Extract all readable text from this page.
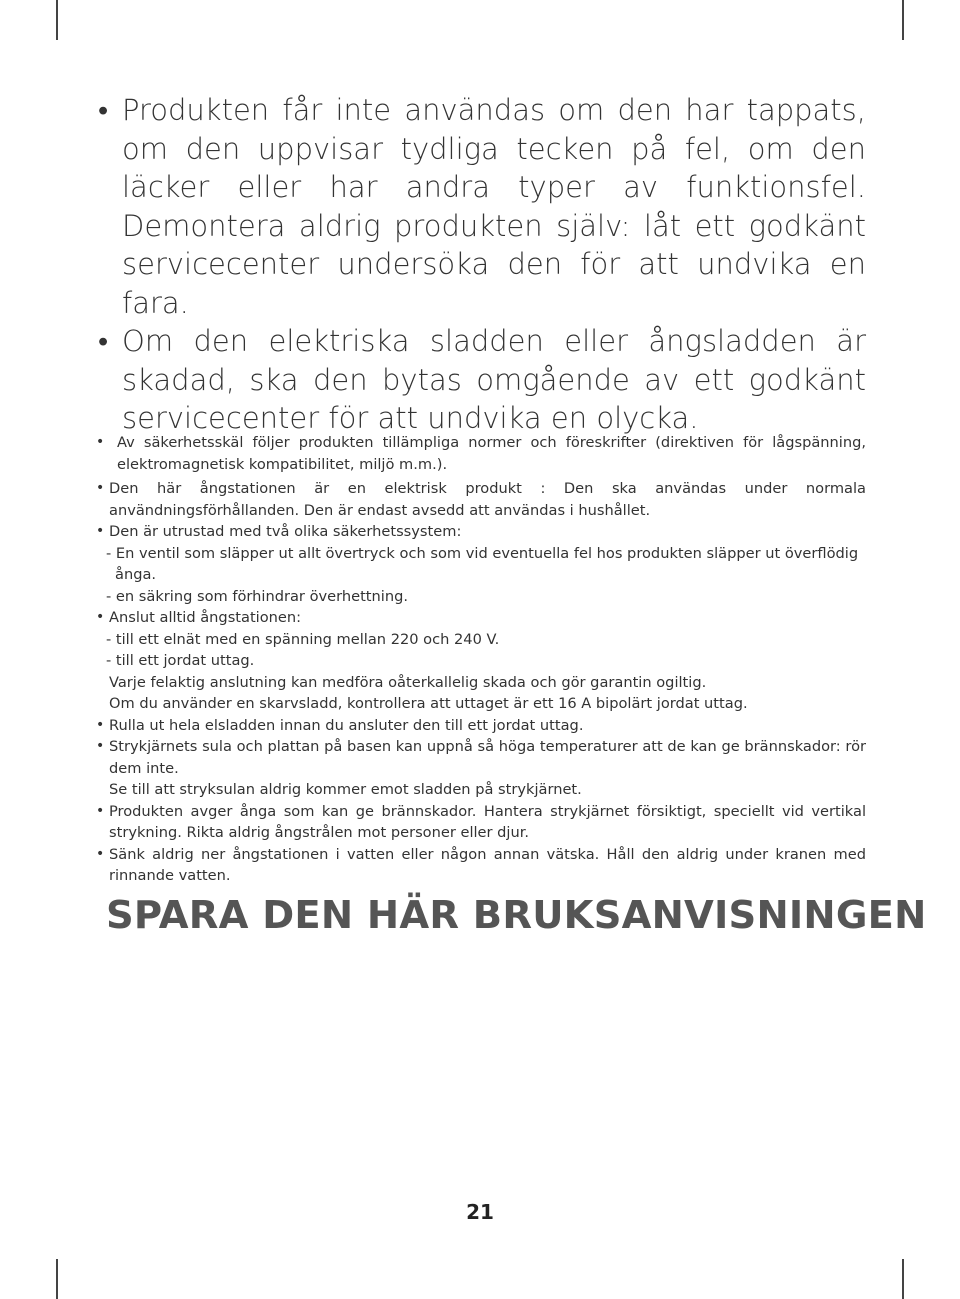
• Produkten får inte användas om den har tappats, om den uppvisar tydliga tecken på fel, om den läcker eller har andra typer av funktionsfel. Demontera aldrig produkten själv: låt ett godkänt servicecenter undersöka den för att undvika en fara.
• Om den elektriska sladden eller ångsladden är skadad, ska den bytas omgående av ett godkänt servicecenter för att undvika en olycka.
• Av säkerhetsskäl följer produkten tillämpliga normer och föreskrifter (direktiven för lågspänning, elektromagnetisk kompatibilitet, miljö m.m.).
• Den här ångstationen är en elektrisk produkt : Den ska användas under normala användningsförhållanden. Den är endast avsedd att användas i hushållet.
• Den är utrustad med två olika säkerhetssystem:
- En ventil som släpper ut allt övertryck och som vid eventuella fel hos produkten släpper ut överflödig
ånga.
- en säkring som förhindrar överhettning.
• Anslut alltid ångstationen:
- till ett elnät med en spänning mellan 220 och 240 V.
- till ett jordat uttag.
Varje felaktig anslutning kan medföra oåterkallelig skada och gör garantin ogiltig.
Om du använder en skarvsladd, kontrollera att uttaget är ett 16 A bipolärt jordat uttag.
• Rulla ut hela elsladden innan du ansluter den till ett jordat uttag.
• Strykjärnets sula och plattan på basen kan uppnå så höga temperaturer att de kan ge brännskador: rör dem inte.
Se till att stryksulan aldrig kommer emot sladden på strykjärnet.
• Produkten avger ånga som kan ge brännskador. Hantera strykjärnet försiktigt, speciellt vid vertikal strykning. Rikta aldrig ångstrålen mot personer eller djur.
• Sänk aldrig ner ångstationen i vatten eller någon annan vätska. Håll den aldrig under kranen med rinnande vatten.
SPARA DEN HÄR BRUKSANVISNINGEN
21
